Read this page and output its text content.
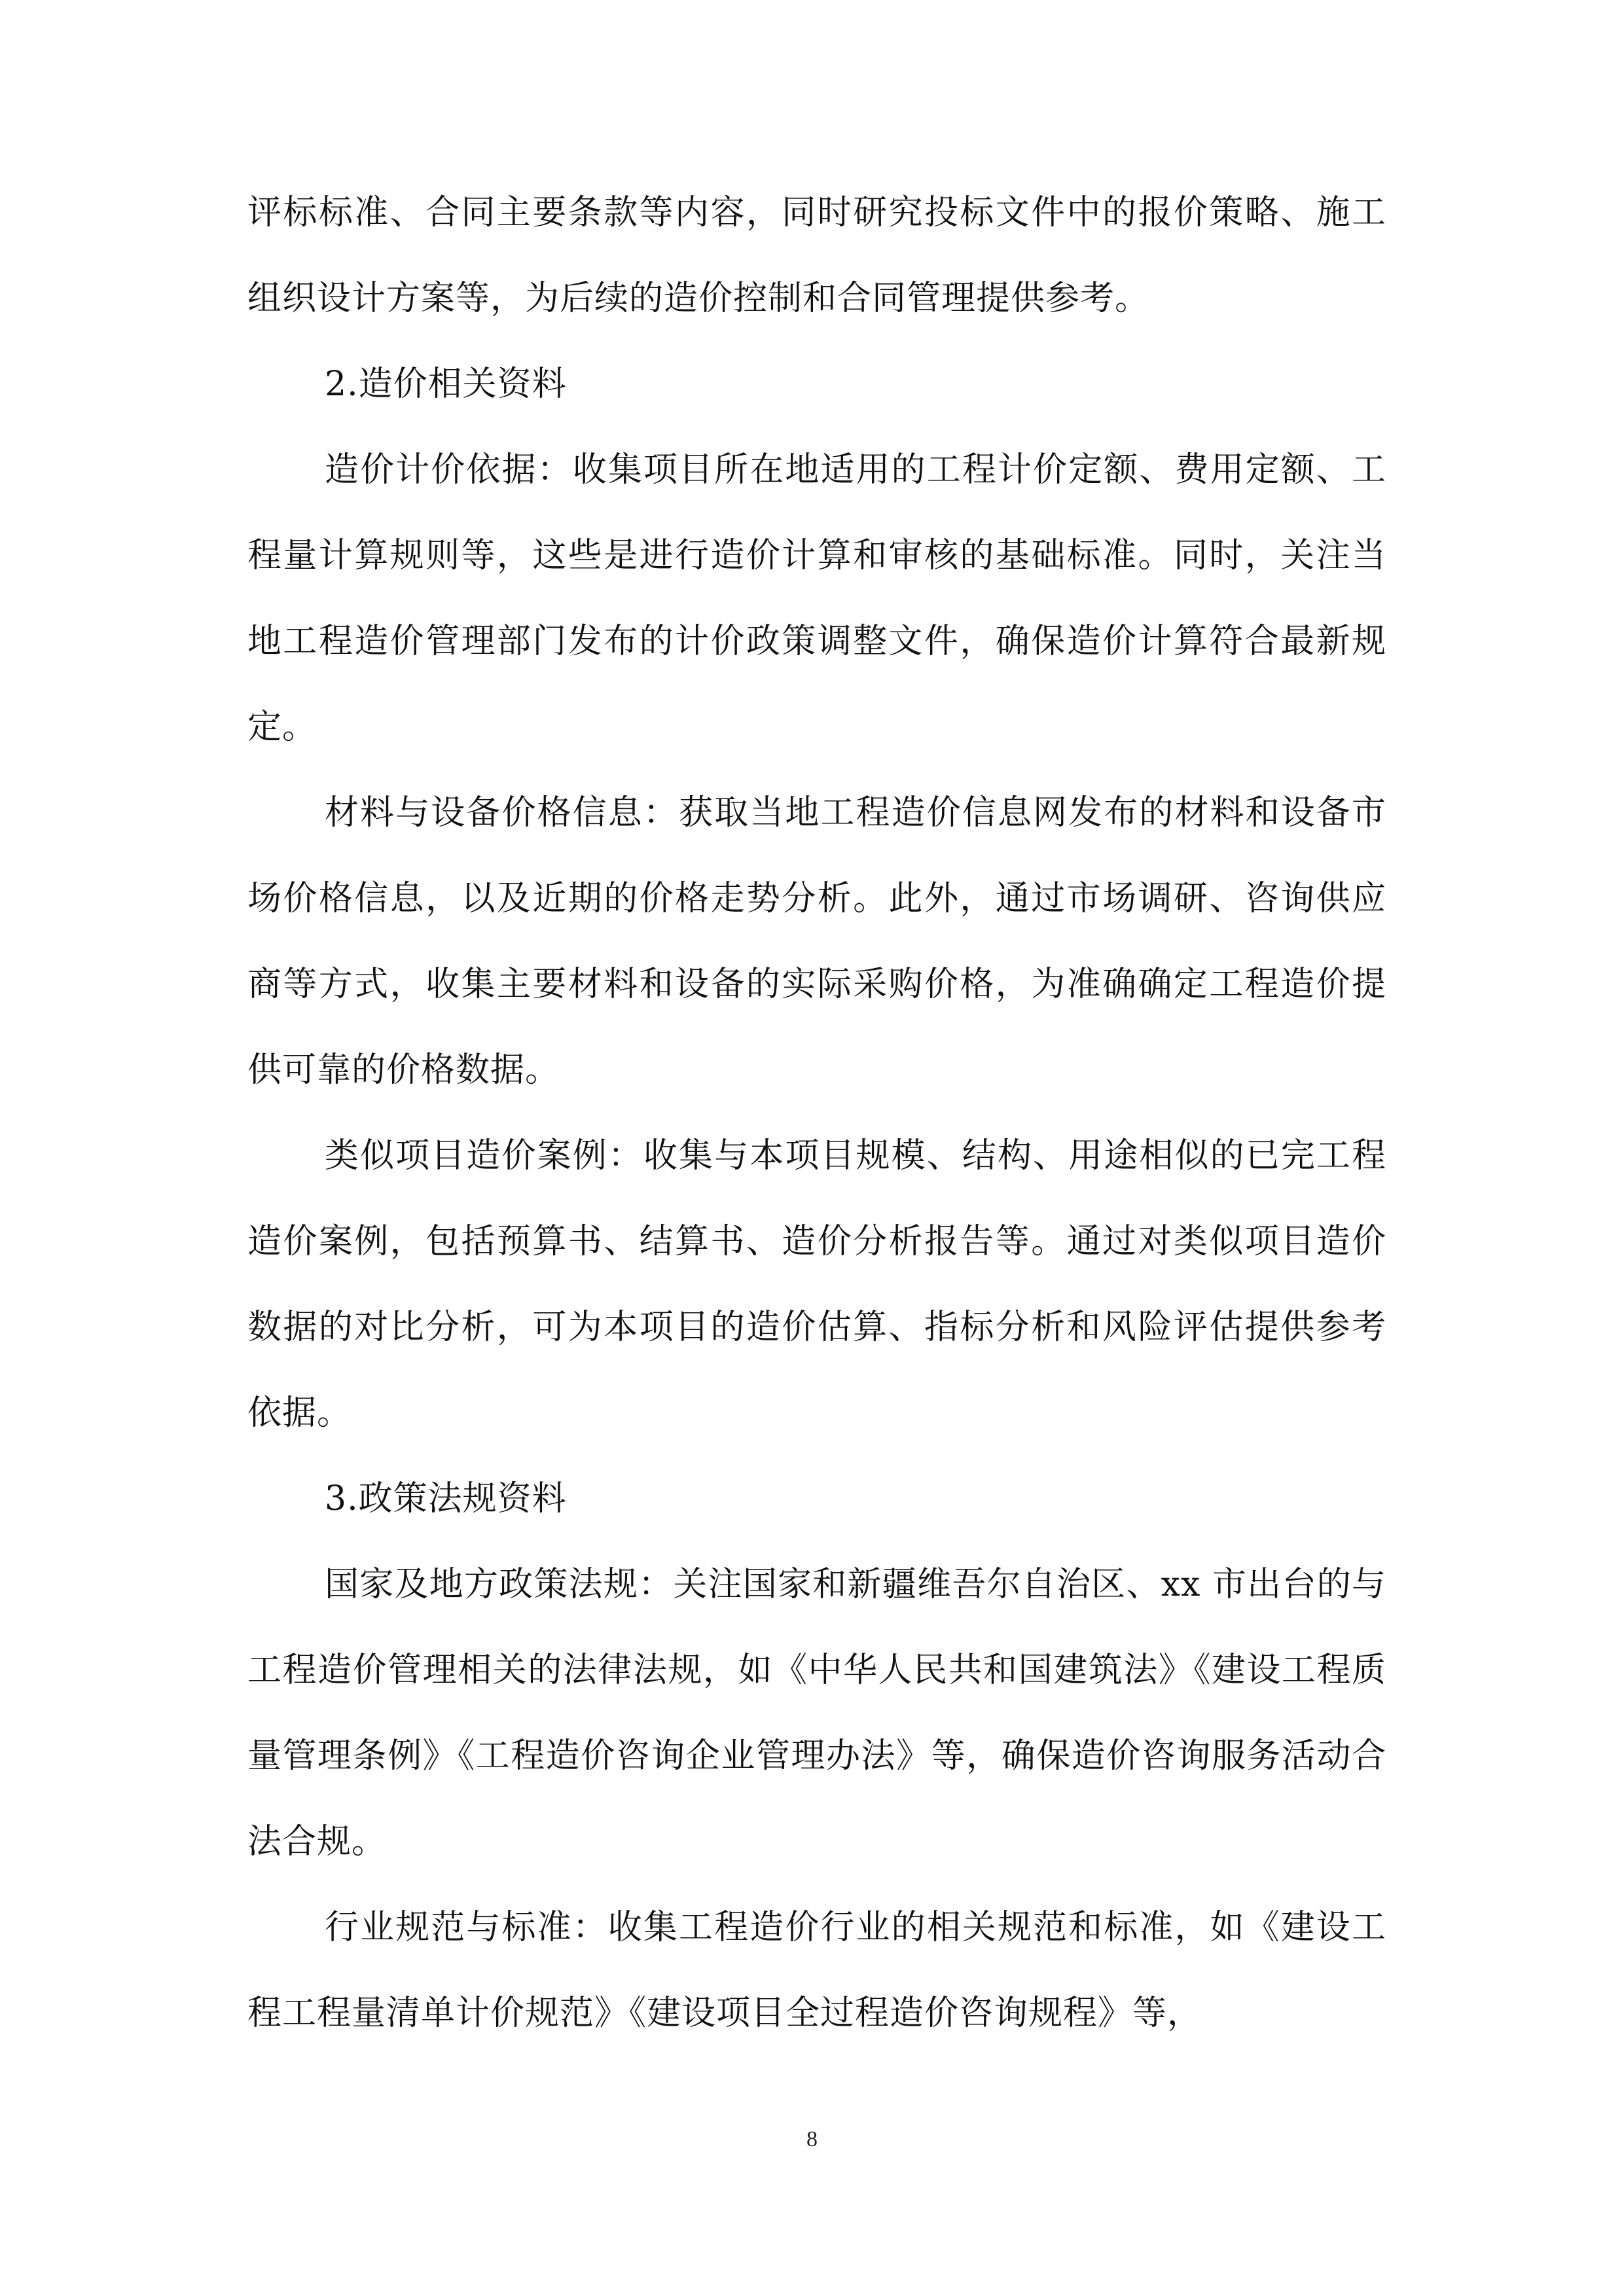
评标标准、合同主要条款等内容，同时研究投标文件中的报价策略、施工组织设计方案等，为后续的造价控制和合同管理提供参考。

2.造价相关资料

造价计价依据：收集项目所在地适用的工程计价定额、费用定额、工程量计算规则等，这些是进行造价计算和审核的基础标准。同时，关注当地工程造价管理部门发布的计价政策调整文件，确保造价计算符合最新规定。

材料与设备价格信息：获取当地工程造价信息网发布的材料和设备市场价格信息，以及近期的价格走势分析。此外，通过市场调研、咨询供应商等方式，收集主要材料和设备的实际采购价格，为准确确定工程造价提供可靠的价格数据。

类似项目造价案例：收集与本项目规模、结构、用途相似的已完工程造价案例，包括预算书、结算书、造价分析报告等。通过对类似项目造价数据的对比分析，可为本项目的造价估算、指标分析和风险评估提供参考依据。

3.政策法规资料

国家及地方政策法规：关注国家和新疆维吾尔自治区、xx 市出台的与工程造价管理相关的法律法规，如《中华人民共和国建筑法》《建设工程质量管理条例》《工程造价咨询企业管理办法》等，确保造价咨询服务活动合法合规。

行业规范与标准：收集工程造价行业的相关规范和标准，如《建设工程工程量清单计价规范》《建设项目全过程造价咨询规程》等，

8
